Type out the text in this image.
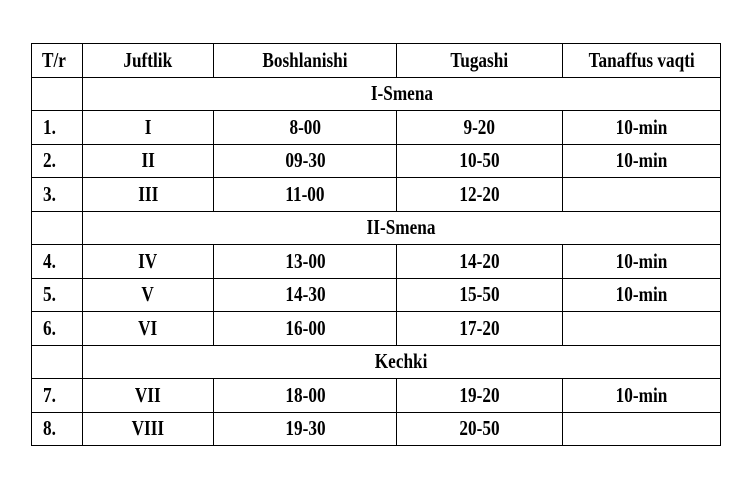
T/r	Juftlik	Boshlanishi	Tugashi	Tanaffus vaqti
	I-Smena			
1.	I	8-00	9-20	10-min
2.	II	09-30	10-50	10-min
3.	III	11-00	12-20	
	II-Smena			
4.	IV	13-00	14-20	10-min
5.	V	14-30	15-50	10-min
6.	VI	16-00	17-20	
	Kechki			
7.	VII	18-00	19-20	10-min
8.	VIII	19-30	20-50	
